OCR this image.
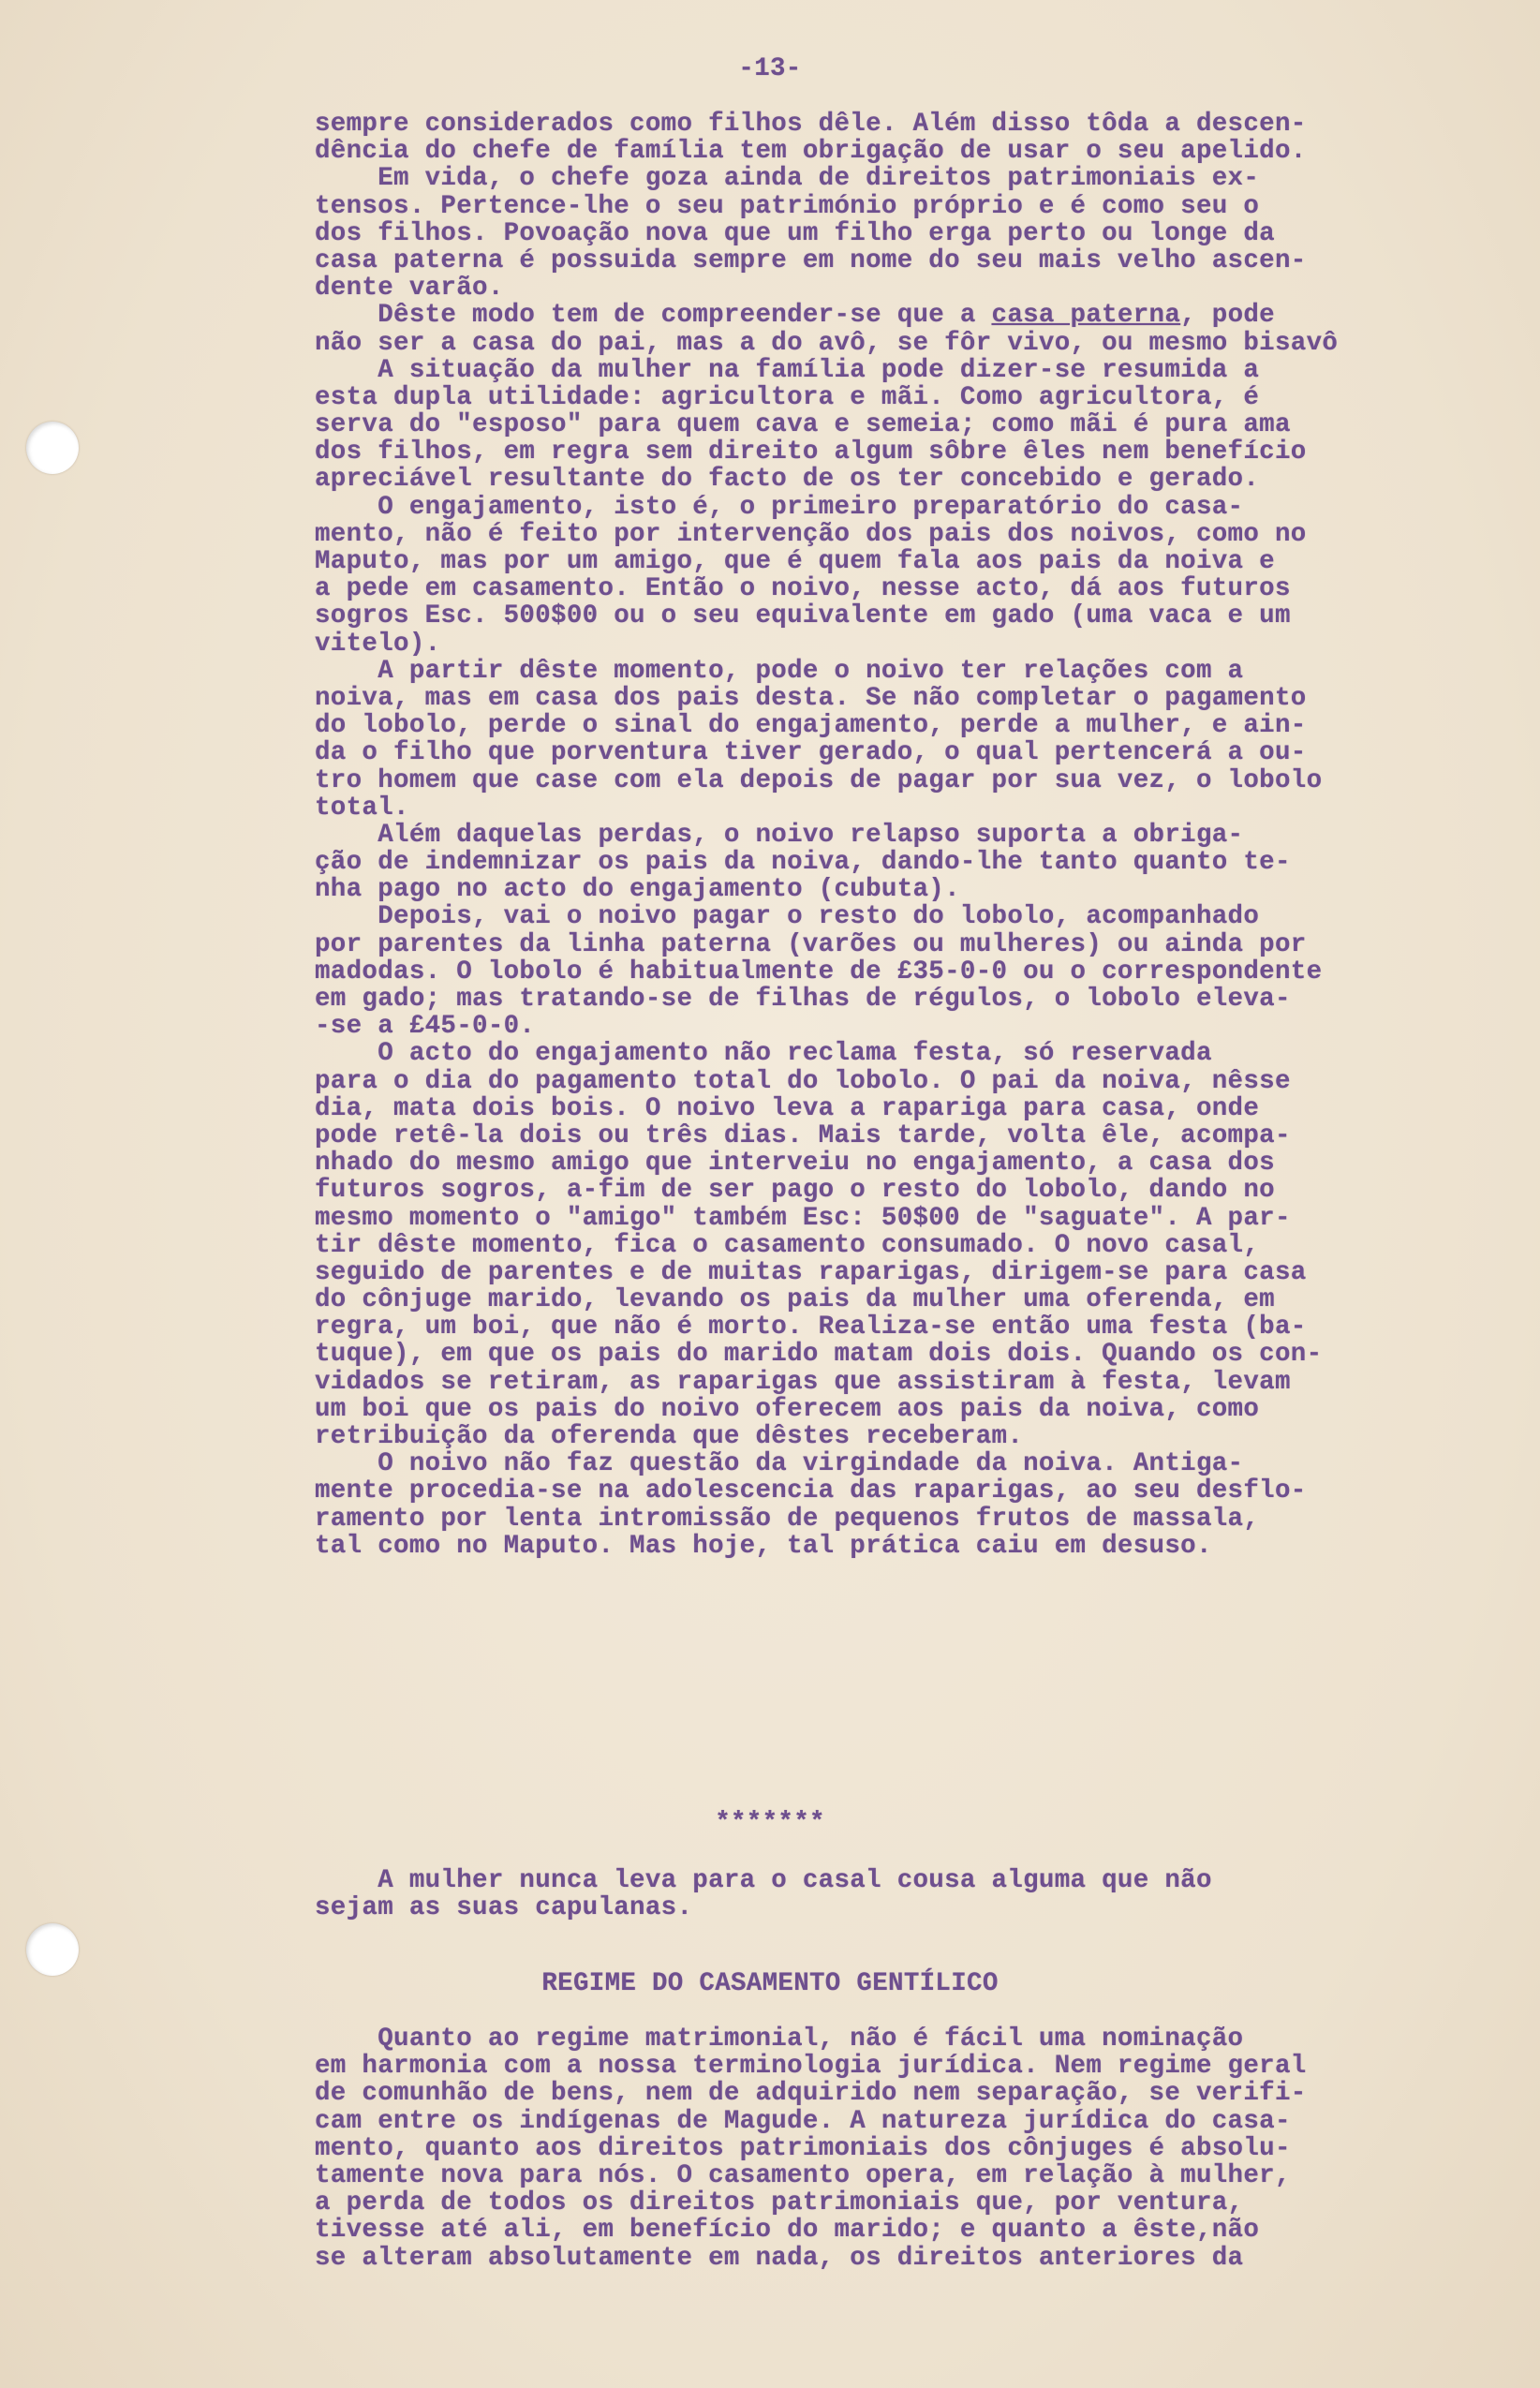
-13-
sempre considerados como filhos dêle. Além disso tôda a descen-
dência do chefe de família tem obrigação de usar o seu apelido.
Em vida, o chefe goza ainda de direitos patrimoniais ex-
tensos. Pertence-lhe o seu património próprio e é como seu o
dos filhos. Povoação nova que um filho erga perto ou longe da
casa paterna é possuida sempre em nome do seu mais velho ascen-
dente varão.
Dêste modo tem de compreender-se que a casa paterna, pode
não ser a casa do pai, mas a do avô, se fôr vivo, ou mesmo bisavô
A situação da mulher na família pode dizer-se resumida a
esta dupla utilidade: agricultora e mãi. Como agricultora, é
serva do "esposo" para quem cava e semeia; como mãi é pura ama
dos filhos, em regra sem direito algum sôbre êles nem benefício
apreciável resultante do facto de os ter concebido e gerado.
O engajamento, isto é, o primeiro preparatório do casa-
mento, não é feito por intervenção dos pais dos noivos, como no
Maputo, mas por um amigo, que é quem fala aos pais da noiva e
a pede em casamento. Então o noivo, nesse acto, dá aos futuros
sogros Esc. 500$00 ou o seu equivalente em gado (uma vaca e um
vitelo).
A partir dêste momento, pode o noivo ter relações com a
noiva, mas em casa dos pais desta. Se não completar o pagamento
do lobolo, perde o sinal do engajamento, perde a mulher, e ain-
da o filho que porventura tiver gerado, o qual pertencerá a ou-
tro homem que case com ela depois de pagar por sua vez, o lobolo
total.
Além daquelas perdas, o noivo relapso suporta a obriga-
ção de indemnizar os pais da noiva, dando-lhe tanto quanto te-
nha pago no acto do engajamento (cubuta).
Depois, vai o noivo pagar o resto do lobolo, acompanhado
por parentes da linha paterna (varões ou mulheres) ou ainda por
madodas. O lobolo é habitualmente de £35-0-0 ou o correspondente
em gado; mas tratando-se de filhas de régulos, o lobolo eleva-
-se a £45-0-0.
O acto do engajamento não reclama festa, só reservada
para o dia do pagamento total do lobolo. O pai da noiva, nêsse
dia, mata dois bois. O noivo leva a rapariga para casa, onde
pode retê-la dois ou três dias. Mais tarde, volta êle, acompa-
nhado do mesmo amigo que interveiu no engajamento, a casa dos
futuros sogros, a-fim de ser pago o resto do lobolo, dando no
mesmo momento o "amigo" também Esc: 50$00 de "saguate". A par-
tir dêste momento, fica o casamento consumado. O novo casal,
seguido de parentes e de muitas raparigas, dirigem-se para casa
do cônjuge marido, levando os pais da mulher uma oferenda, em
regra, um boi, que não é morto. Realiza-se então uma festa (ba-
tuque), em que os pais do marido matam dois dois. Quando os con-
vidados se retiram, as raparigas que assistiram à festa, levam
um boi que os pais do noivo oferecem aos pais da noiva, como
retribuição da oferenda que dêstes receberam.
O noivo não faz questão da virgindade da noiva. Antiga-
mente procedia-se na adolescencia das raparigas, ao seu desflo-
ramento por lenta intromissão de pequenos frutos de massala,
tal como no Maputo. Mas hoje, tal prática caiu em desuso.
*******
A mulher nunca leva para o casal cousa alguma que não
sejam as suas capulanas.
REGIME DO CASAMENTO GENTÍLICO
Quanto ao regime matrimonial, não é fácil uma nominação
em harmonia com a nossa terminologia jurídica. Nem regime geral
de comunhão de bens, nem de adquirido nem separação, se verifi-
cam entre os indígenas de Magude. A natureza jurídica do casa-
mento, quanto aos direitos patrimoniais dos cônjuges é absolu-
tamente nova para nós. O casamento opera, em relação à mulher,
a perda de todos os direitos patrimoniais que, por ventura,
tivesse até ali, em benefício do marido; e quanto a êste,não
se alteram absolutamente em nada, os direitos anteriores da
